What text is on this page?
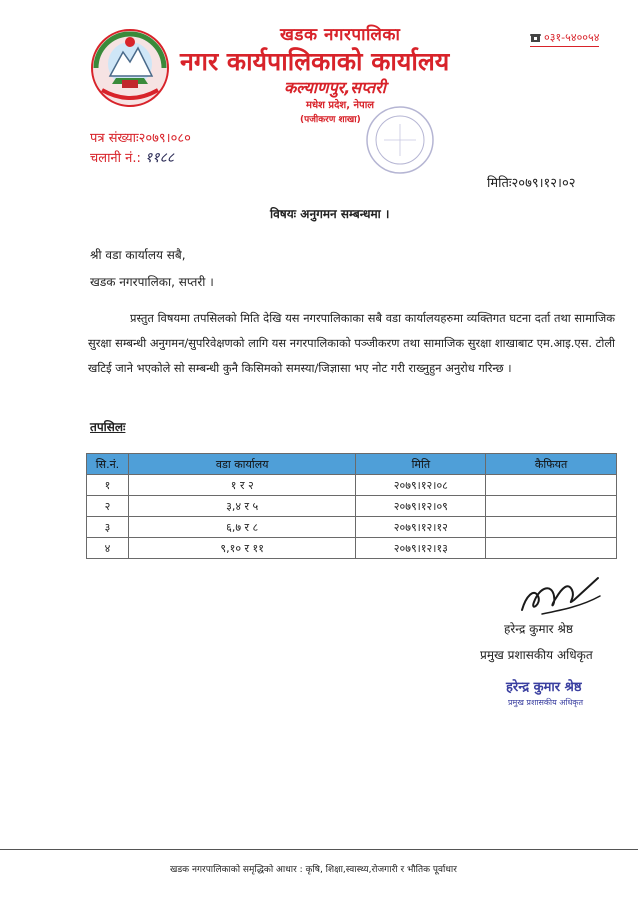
खडक नगरपालिका
नगर कार्यपालिकाको कार्यालय
कल्याणपुर,सप्तरी
मधेश प्रदेश, नेपाल
(पजीकरण शाखा)
०३१-५४००५४
पत्र संख्याः२०७९।०८०
चलानी नं.: ११८८
मितिः२०७९।१२।०२
विषयः अनुगमन सम्बन्धमा ।
श्री वडा कार्यालय सबै,
खडक नगरपालिका, सप्तरी ।
प्रस्तुत विषयमा तपसिलको मिति देखि यस नगरपालिकाका सबै वडा कार्यालयहरुमा व्यक्तिगत घटना दर्ता तथा सामाजिक सुरक्षा सम्बन्धी अनुगमन/सुपरिवेक्षणको लागि यस नगरपालिकाको पञ्जीकरण तथा सामाजिक सुरक्षा शाखाबाट एम.आइ.एस. टोली खटिई जाने भएकोले सो सम्बन्धी कुनै किसिमको समस्या/जिज्ञासा भए नोट गरी राख्नुहुन अनुरोध गरिन्छ ।
तपसिलः
सि.नं.	वडा कार्यालय	मिति	कैफियत
१	१ र २	२०७९।१२।०८	
२	३,४ र ५	२०७९।१२।०९	
३	६,७ र ८	२०७९।१२।१२	
४	९,१० र ११	२०७९।१२।१३	
हरेन्द्र कुमार श्रेष्ठ
प्रमुख प्रशासकीय अधिकृत
हरेन्द्र कुमार श्रेष्ठ
प्रमुख प्रशासकीय अधिकृत
खडक नगरपालिकाको समृद्धिको आधार : कृषि, शिक्षा,स्वास्थ्य,रोजगारी र भौतिक पूर्वाधार
